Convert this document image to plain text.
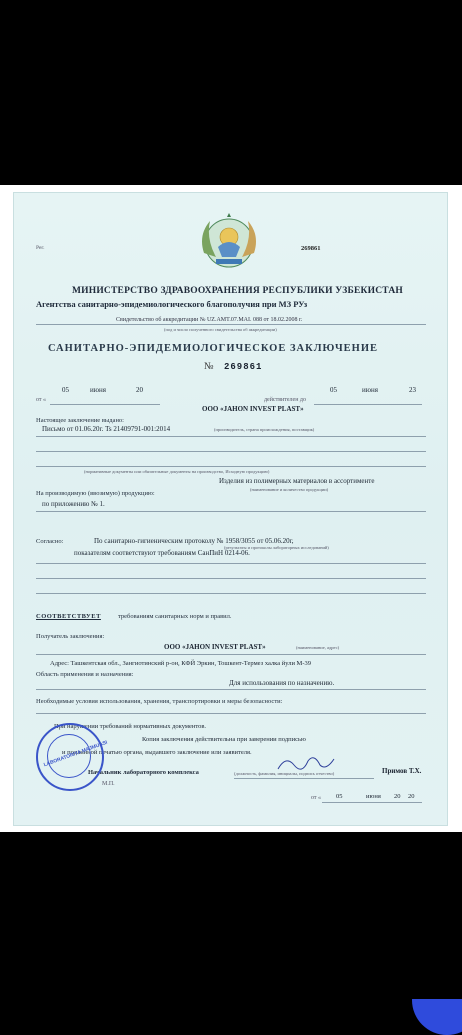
Рег.	269861
МИНИСТЕРСТВО ЗДРАВООХРАНЕНИЯ РЕСПУБЛИКИ УЗБЕКИСТАН
Агентства санитарно-эпидемиологического благополучия при МЗ РУз
Свидетельство об аккредитации № UZ.AMT.07.MAI. 088 от 18.02.2008 г.
(под и число полученного свидетельства об аккредитации)
САНИТАРНО-ЭПИДЕМИОЛОГИЧЕСКОЕ ЗАКЛЮЧЕНИЕ
№ 269861
05	июня	20	05	июня	23
от «	действителен до
ООО «JAHON INVEST PLAST»
Настоящее заключение выдано:
Письмо от 01.06.20г. Ts 21409791-001:2014	(производитель, страна происхождения, поставщик)
(нормативные документы или обязательные документы на производство, Исходную продукцию)
Изделия из полимерных материалов в ассортименте
(наименование и количество продукции)
На производимую (ввозимую) продукцию:
по приложению № 1.
Согласно:	По санитарно-гигиеническим протоколу № 1958/3055 от 05.06.20г,
(результаты и протоколы лабораторных исследований)
показателям соответствуют требованиям СанПиН 0214-06.
СООТВЕТСТВУЕТ	требованиям санитарных норм и правил.
Получатель заключения:
ООО «JAHON INVEST PLAST»	(наименование, адрес)
Адрес: Ташкентская обл., Зангиотинский р-он, КФЙ Эркин, Тошкент-Термез халка йули М-39
Область применения и назначения:
Для использования по назначению.
Необходимые условия использования, хранения, транспортировки и меры безопасности:
При нарушении требований нормативных документов.
Копия заключения действительна при заверении подписью
и подлинной печатью органа, выдавшего заключение или заявителя.
Начальник лабораторного комплекса	(должность, фамилия, инициалы, подпись отчество)	Примов Т.Х.
М.П.
от « 05	июня 20 20
LABORATORIYA MAJMUASI
